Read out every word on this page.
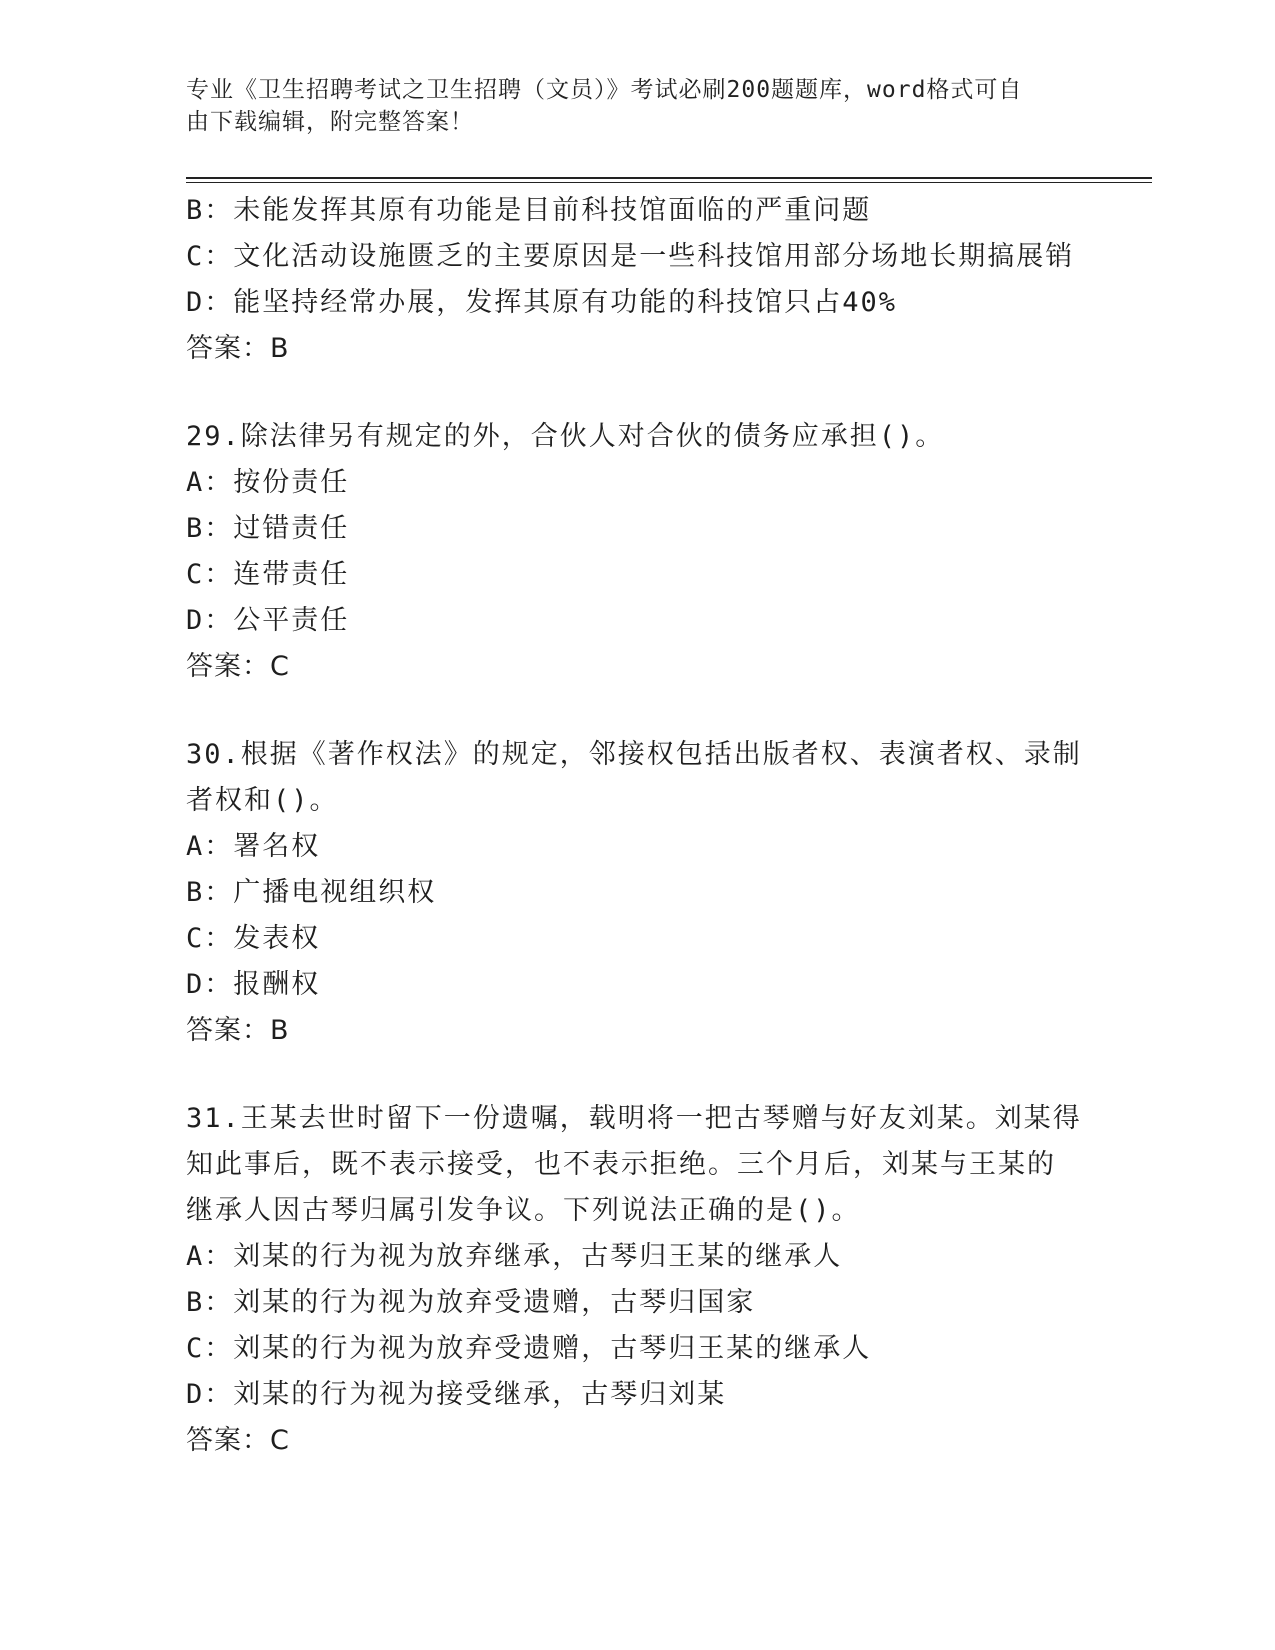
专业《卫生招聘考试之卫生招聘（文员）》考试必刷200题题库，word格式可自
由下载编辑，附完整答案！
B：未能发挥其原有功能是目前科技馆面临的严重问题
C：文化活动设施匮乏的主要原因是一些科技馆用部分场地长期搞展销
D：能坚持经常办展，发挥其原有功能的科技馆只占40%
答案：B
29.除法律另有规定的外，合伙人对合伙的债务应承担()。
A：按份责任
B：过错责任
C：连带责任
D：公平责任
答案：C
30.根据《著作权法》的规定，邻接权包括出版者权、表演者权、录制
者权和()。
A：署名权
B：广播电视组织权
C：发表权
D：报酬权
答案：B
31.王某去世时留下一份遗嘱，载明将一把古琴赠与好友刘某。刘某得
知此事后，既不表示接受，也不表示拒绝。三个月后，刘某与王某的
继承人因古琴归属引发争议。下列说法正确的是()。
A：刘某的行为视为放弃继承，古琴归王某的继承人
B：刘某的行为视为放弃受遗赠，古琴归国家
C：刘某的行为视为放弃受遗赠，古琴归王某的继承人
D：刘某的行为视为接受继承，古琴归刘某
答案：C
